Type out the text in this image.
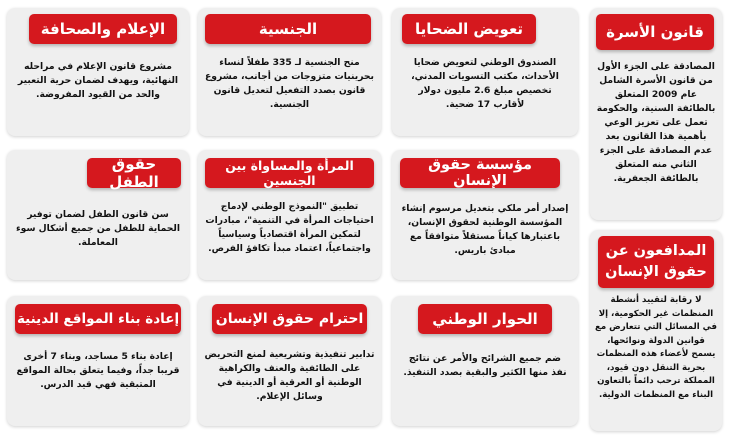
قانون الأسرة
المصادقة على الجزء الأول من قانون الأسرة الشامل عام 2009 المتعلق بالطائفة السنية، والحكومة تعمل على تعزيز الوعي بأهمية هذا القانون بعد عدم المصادقة على الجزء الثاني منه المتعلق بالطائفة الجعفرية.
تعويض الضحايا
الصندوق الوطني لتعويض ضحايا الأحداث، مكتب التسويات المدني، تخصيص مبلغ 2.6 مليون دولار لأقارب 17 ضحية.
الجنسية
منح الجنسية لـ 335 طفلاً لنساء بحرينيات متزوجات من أجانب، مشروع قانون بصدد التفعيل لتعديل قانون الجنسية.
الإعلام والصحافة
مشروع قانون الإعلام في مراحله النهائية، ويهدف لضمان حرية التعبير والحد من القيود المفروضة.
مؤسسة حقوق الإنسان
إصدار أمر ملكي بتعديل مرسوم إنشاء المؤسسة الوطنية لحقوق الإنسان، باعتبارها كياناً مستقلاً متوافقاً مع مبادئ باريس.
المرأة والمساواة بين الجنسين
تطبيق "النموذج الوطني لإدماج احتياجات المرأة في التنمية"، مبادرات لتمكين المرأة اقتصادياً وسياسياً واجتماعياً، اعتماد مبدأ تكافؤ الفرص.
حقوق الطفل
سن قانون الطفل لضمان توفير الحماية للطفل من جميع أشكال سوء المعاملة.
المدافعون عن حقوق الإنسان
لا رقابة لتقييد أنشطة المنظمات غير الحكومية، إلا في المسائل التي تتعارض مع قوانين الدولة ونوائحها، يسمح لأعضاء هذه المنظمات بحرية التنقل دون قيود، المملكة ترحب دائماً بالتعاون البناء مع المنظمات الدولية.
الحوار الوطني
ضم جميع الشرائح والأمر عن نتائج نفذ منها الكثير والبقية بصدد التنفيذ.
احترام حقوق الإنسان
تدابير تنفيذية وتشريعية لمنع التحريض على الطائفية والعنف والكراهية الوطنية أو العرقية أو الدينية في وسائل الإعلام.
إعادة بناء المواقع الدينية
إعادة بناء 5 مساجد، وبناء 7 أخرى قريبا جداً، وفيما يتعلق بحالة المواقع المتبقية فهي قيد الدرس.
